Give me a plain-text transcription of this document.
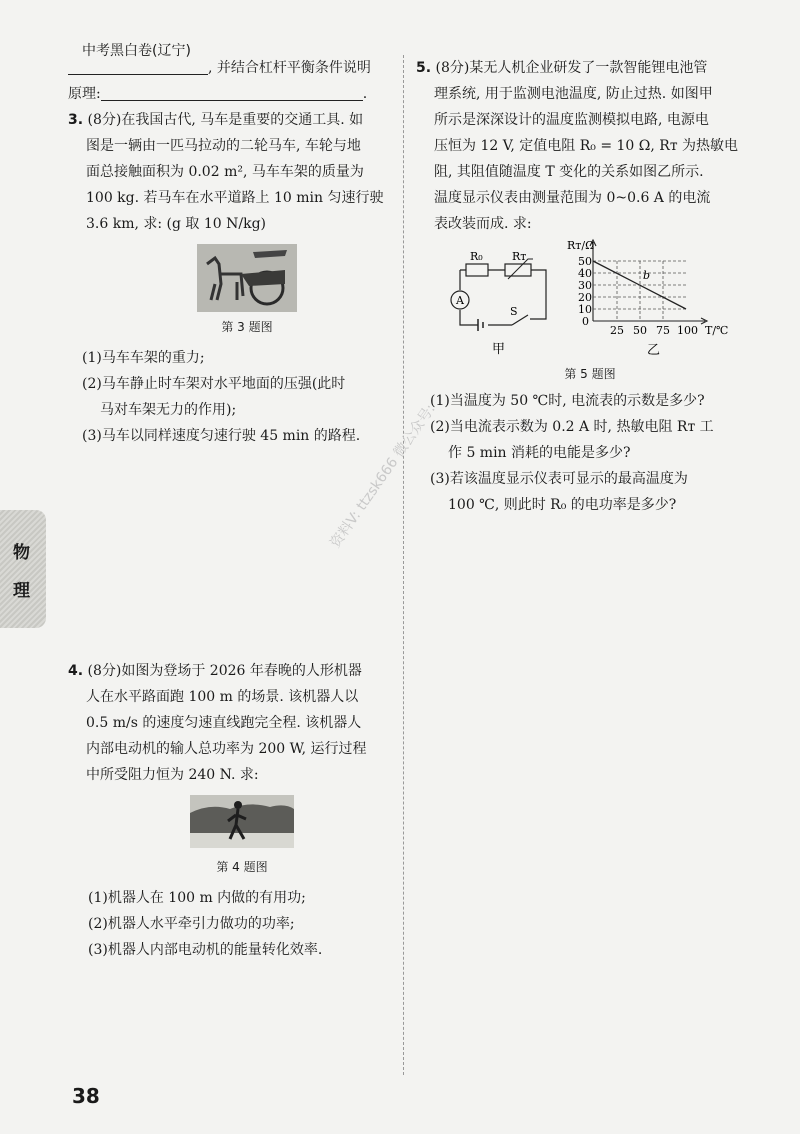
中考黑白卷(辽宁)

, 并结合杠杆平衡条件说明

原理:	.

3. (8分)在我国古代, 马车是重要的交通工具. 如

图是一辆由一匹马拉动的二轮马车, 车轮与地

面总接触面积为 0.02 m², 马车车架的质量为

100 kg. 若马车在水平道路上 10 min 匀速行驶

3.6 km, 求: (g 取 10 N/kg)

第 3 题图

(1)马车车架的重力;

(2)马车静止时车架对水平地面的压强(此时

马对车架无力的作用);

(3)马车以同样速度匀速行驶 45 min 的路程.

物
理

4. (8分)如图为登场于 2026 年春晚的人形机器

人在水平路面跑 100 m 的场景. 该机器人以

0.5 m/s 的速度匀速直线跑完全程. 该机器人

内部电动机的输人总功率为 200 W, 运行过程

中所受阻力恒为 240 N. 求:

第 4 题图

(1)机器人在 100 m 内做的有用功;

(2)机器人水平牵引力做功的功率;

(3)机器人内部电动机的能量转化效率.

5. (8分)某无人机企业研发了一款智能锂电池管

理系统, 用于监测电池温度, 防止过热. 如图甲

所示是深深设计的温度监测模拟电路, 电源电

压恒为 12 V, 定值电阻 R₀ = 10 Ω, Rᴛ 为热敏电

阻, 其阻值随温度 T 变化的关系如图乙所示.

温度显示仪表由测量范围为 0~0.6 A 的电流

表改装而成. 求:

A
R₀	Rᴛ
S
甲
Rᴛ/Ω
50
40
30
20
10
0
25 50 75 100 T/℃
b
乙
第 5 题图

(1)当温度为 50 ℃时, 电流表的示数是多少?

(2)当电流表示数为 0.2 A 时, 热敏电阻 Rᴛ 工

作 5 min 消耗的电能是多少?

(3)若该温度显示仪表可显示的最高温度为

100 ℃, 则此时 R₀ 的电功率是多少?

资料V: ttzsk666 微公众号:
38
